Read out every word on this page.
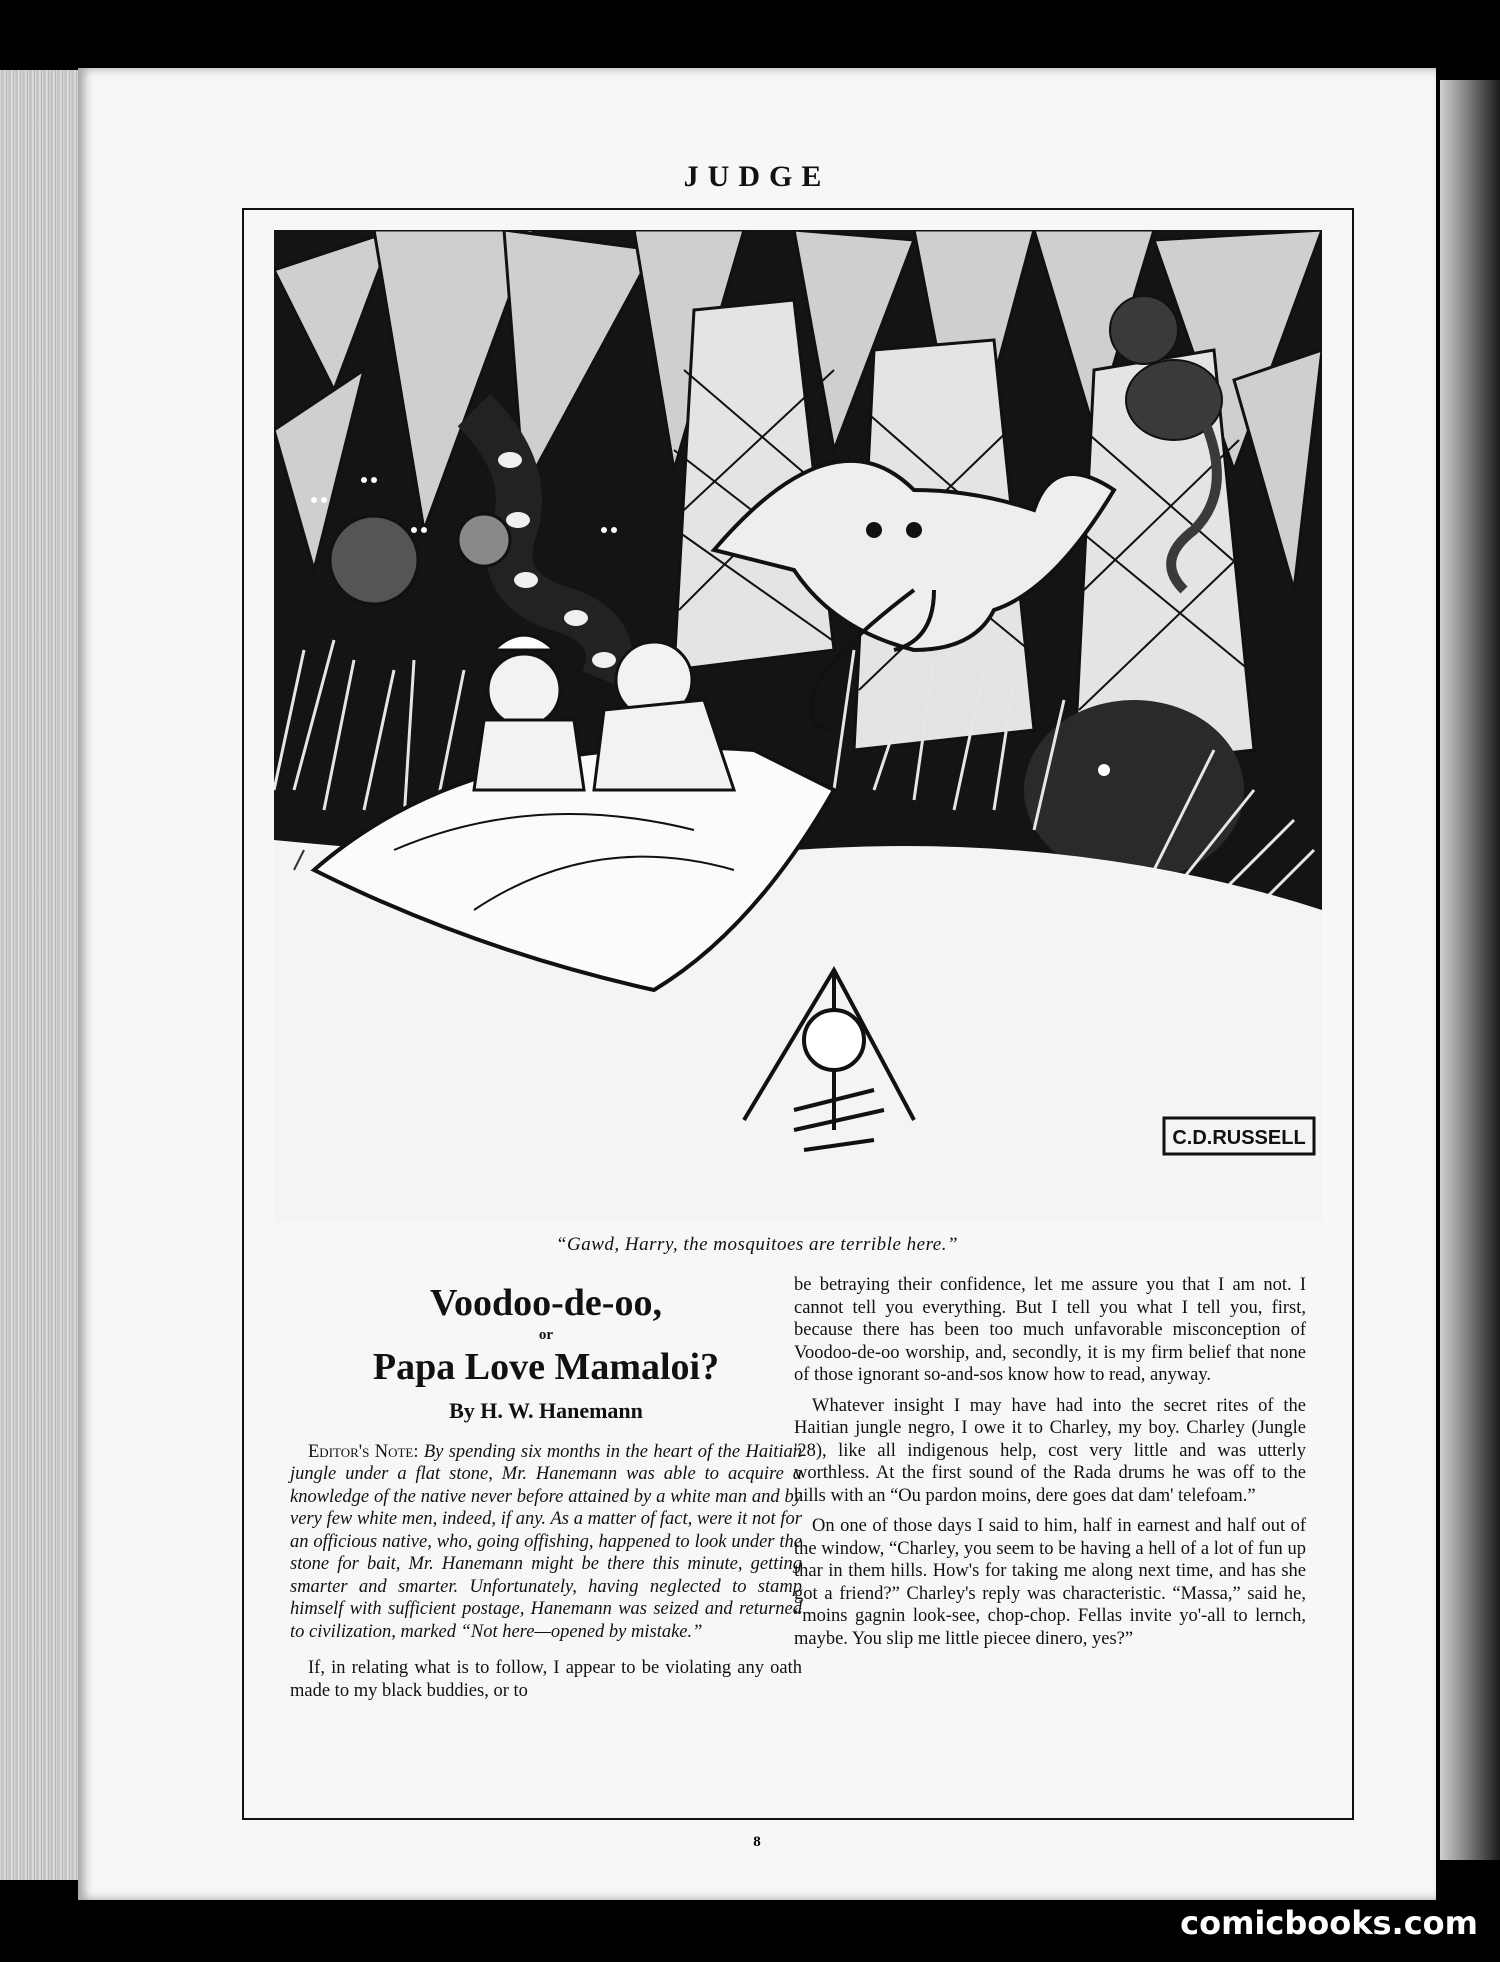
JUDGE
C.D.RUSSELL
“Gawd, Harry, the mosquitoes are terrible here.”
Voodoo-de-oo,
or
Papa Love Mamaloi?
By H. W. Hanemann

Editor's Note: By spending six months in the heart of the Haitian jungle under a flat stone, Mr. Hanemann was able to acquire a knowledge of the native never before attained by a white man and by very few white men, indeed, if any. As a matter of fact, were it not for an officious native, who, going offishing, happened to look under the stone for bait, Mr. Hanemann might be there this minute, getting smarter and smarter. Unfortunately, having neglected to stamp himself with sufficient postage, Hanemann was seized and returned to civilization, marked “Not here—opened by mistake.”

If, in relating what is to follow, I appear to be violating any oath made to my black buddies, or to

be betraying their confidence, let me assure you that I am not. I cannot tell you everything. But I tell you what I tell you, first, because there has been too much unfavorable misconception of Voodoo-de-oo worship, and, secondly, it is my firm belief that none of those ignorant so-and-sos know how to read, anyway.

Whatever insight I may have had into the secret rites of the Haitian jungle negro, I owe it to Charley, my boy. Charley (Jungle '28), like all indigenous help, cost very little and was utterly worthless. At the first sound of the Rada drums he was off to the hills with an “Ou pardon moins, dere goes dat dam' telefoam.”

On one of those days I said to him, half in earnest and half out of the window, “Charley, you seem to be having a hell of a lot of fun up thar in them hills. How's for taking me along next time, and has she got a friend?” Charley's reply was characteristic. “Massa,” said he, “moins gagnin look-see, chop-chop. Fellas invite yo'-all to lernch, maybe. You slip me little piecee dinero, yes?”

8
comicbooks.com
